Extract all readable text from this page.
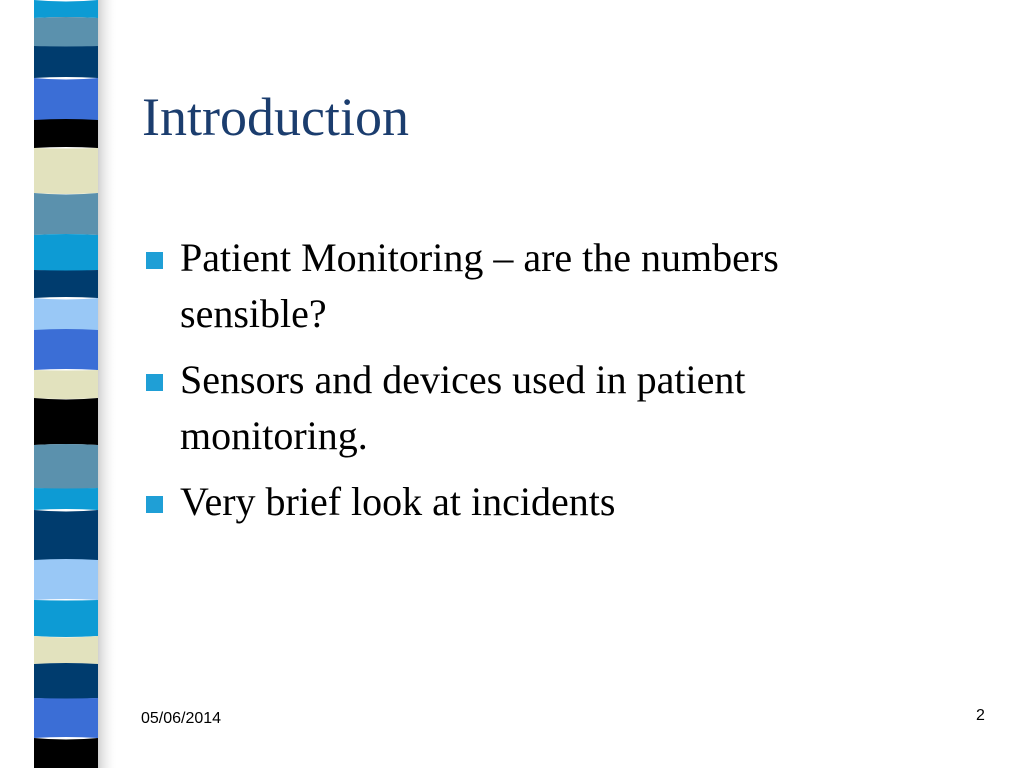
Introduction
Patient Monitoring – are the numbers sensible?
Sensors and devices used in patient monitoring.
Very brief look at incidents
05/06/2014	2
